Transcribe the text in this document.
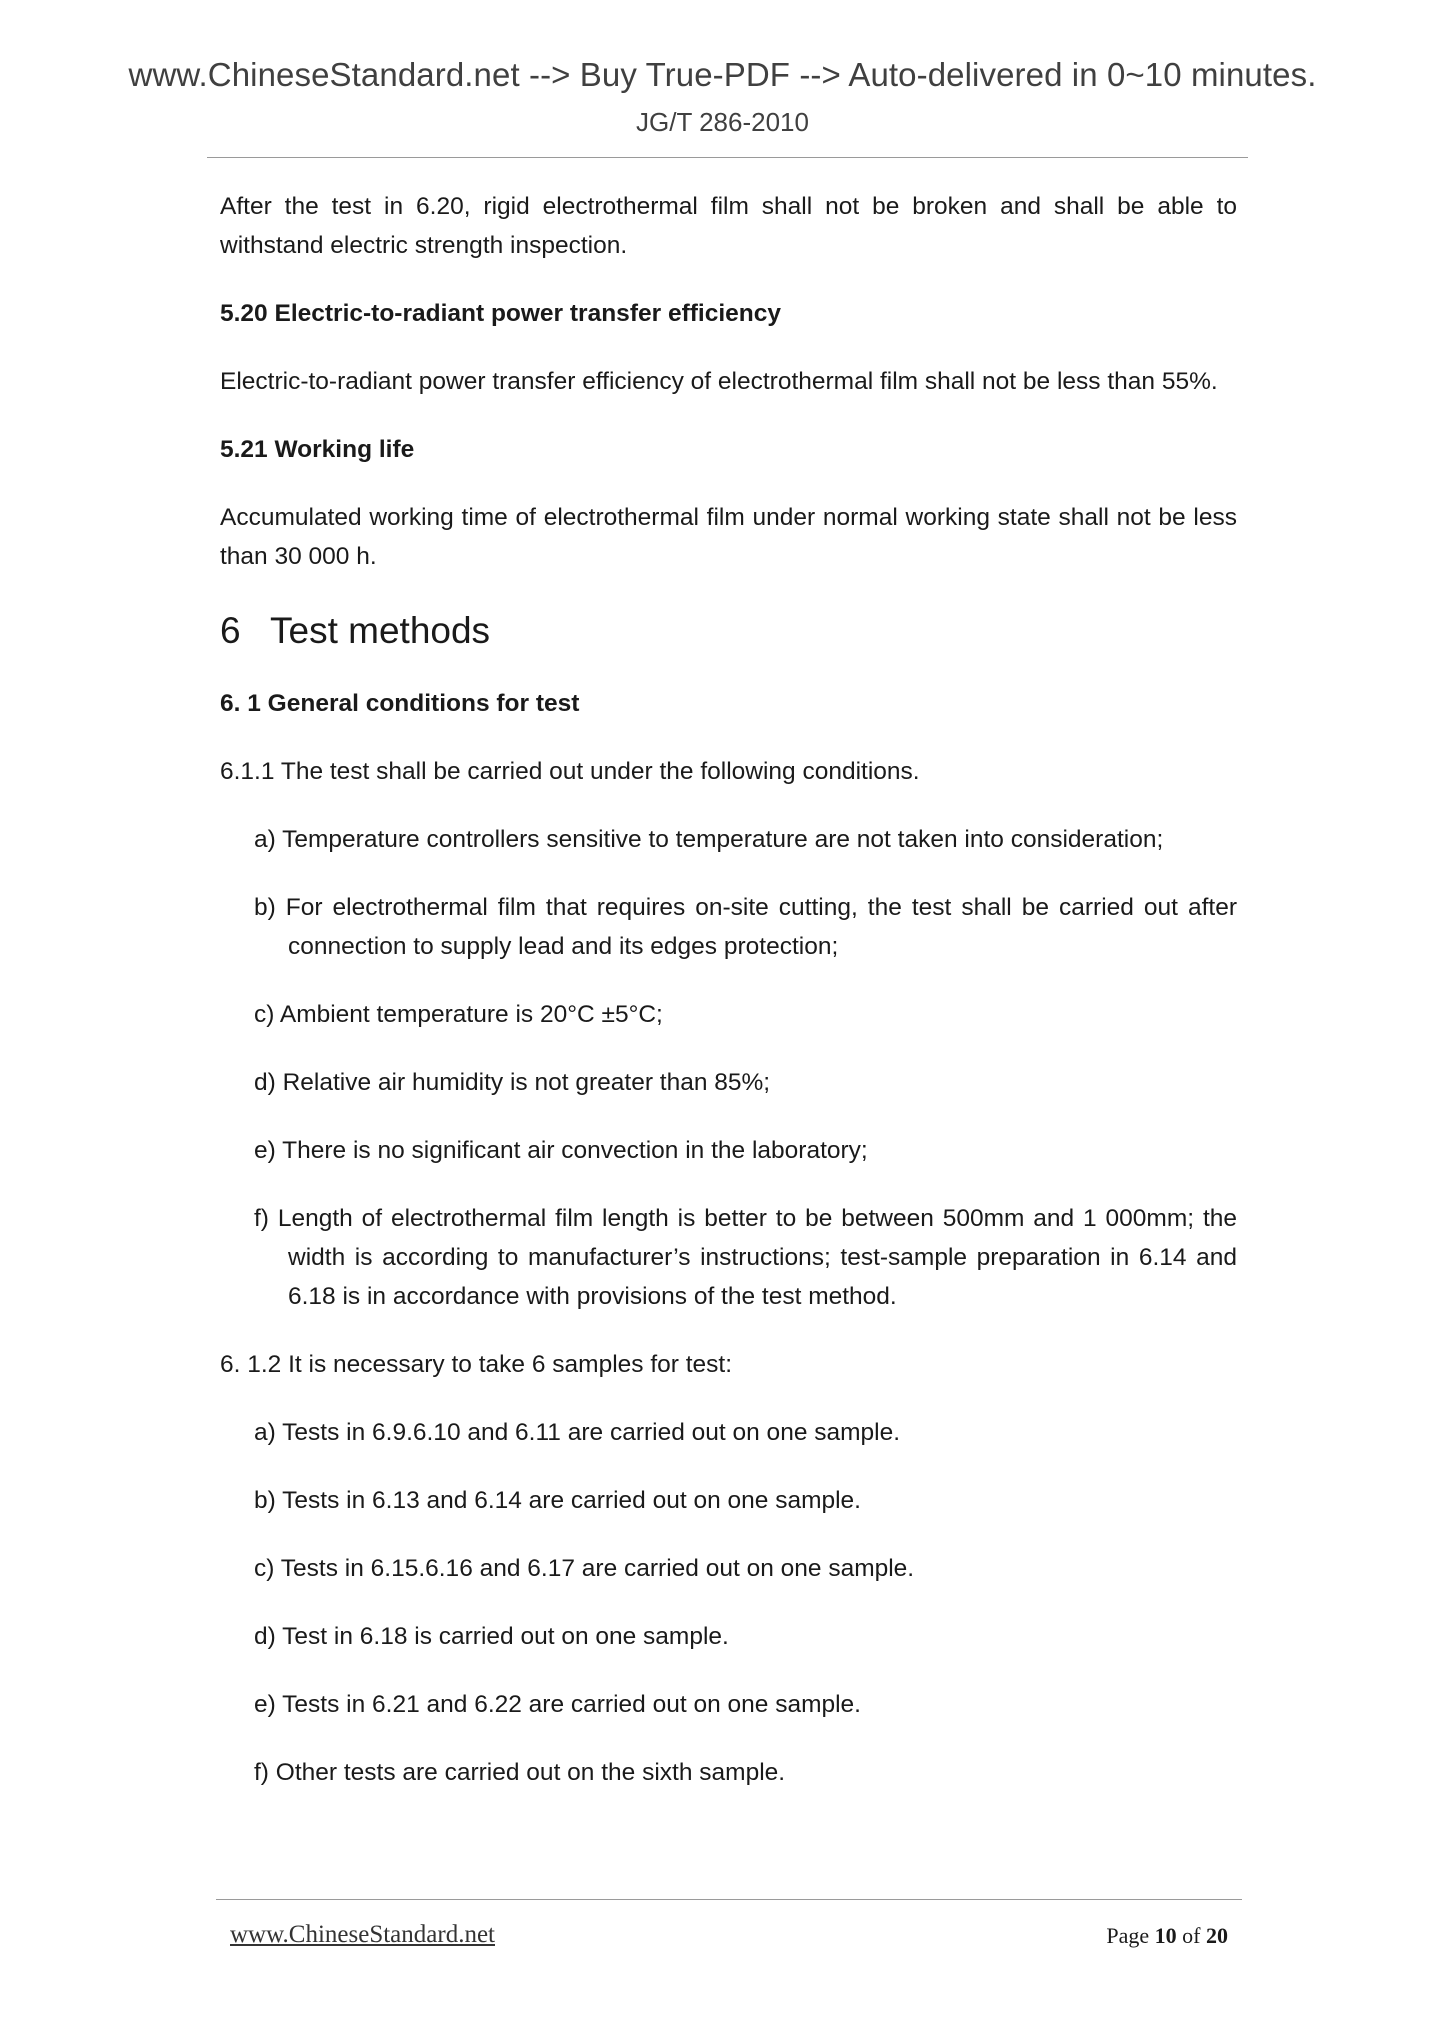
www.ChineseStandard.net --> Buy True-PDF --> Auto-delivered in 0~10 minutes.
JG/T 286-2010

After the test in 6.20, rigid electrothermal film shall not be broken and shall be able to withstand electric strength inspection.

5.20 Electric-to-radiant power transfer efficiency

Electric-to-radiant power transfer efficiency of electrothermal film shall not be less than 55%.

5.21 Working life

Accumulated working time of electrothermal film under normal working state shall not be less than 30 000 h.

6 Test methods

6. 1 General conditions for test

6.1.1 The test shall be carried out under the following conditions.

a) Temperature controllers sensitive to temperature are not taken into consideration;

b) For electrothermal film that requires on-site cutting, the test shall be carried out after connection to supply lead and its edges protection;

c) Ambient temperature is 20°C ±5°C;

d) Relative air humidity is not greater than 85%;

e) There is no significant air convection in the laboratory;

f) Length of electrothermal film length is better to be between 500mm and 1 000mm; the width is according to manufacturer’s instructions; test-sample preparation in 6.14 and 6.18 is in accordance with provisions of the test method.

6. 1.2 It is necessary to take 6 samples for test:

a) Tests in 6.9.6.10 and 6.11 are carried out on one sample.

b) Tests in 6.13 and 6.14 are carried out on one sample.

c) Tests in 6.15.6.16 and 6.17 are carried out on one sample.

d) Test in 6.18 is carried out on one sample.

e) Tests in 6.21 and 6.22 are carried out on one sample.

f) Other tests are carried out on the sixth sample.

www.ChineseStandard.net	Page 10 of 20
